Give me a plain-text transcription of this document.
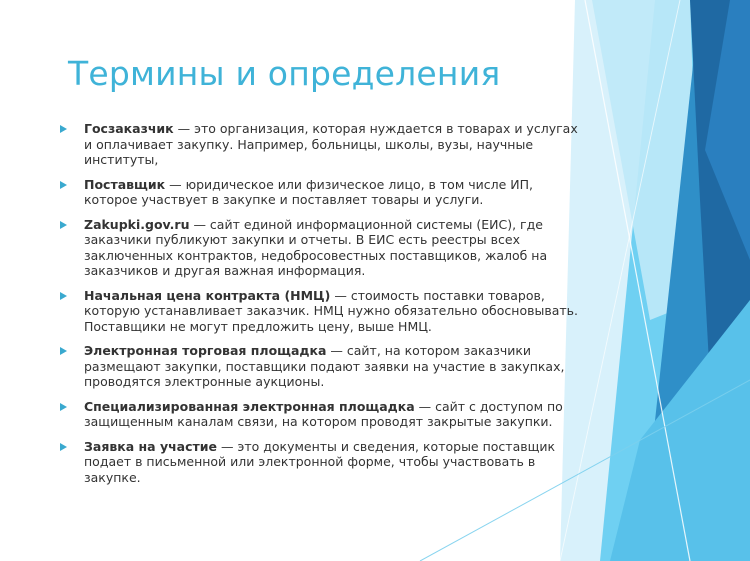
Термины и определения
Госзаказчик — это организация, которая нуждается в товарах и услугах и оплачивает закупку. Например, больницы, школы, вузы, научные институты,
Поставщик — юридическое или физическое лицо, в том числе ИП, которое участвует в закупке и поставляет товары и услуги.
Zakupki.gov.ru — сайт единой информационной системы (ЕИС), где заказчики публикуют закупки и отчеты. В ЕИС есть реестры всех заключенных контрактов, недобросовестных поставщиков, жалоб на заказчиков и другая важная информация.
Начальная цена контракта (НМЦ) — стоимость поставки товаров, которую устанавливает заказчик. НМЦ нужно обязательно обосновывать. Поставщики не могут предложить цену, выше НМЦ.
Электронная торговая площадка — сайт, на котором заказчики размещают закупки, поставщики подают заявки на участие в закупках, проводятся электронные аукционы.
Специализированная электронная площадка — сайт с доступом по защищенным каналам связи, на котором проводят закрытые закупки.
Заявка на участие — это документы и сведения, которые поставщик подает в письменной или электронной форме, чтобы участвовать в закупке.
